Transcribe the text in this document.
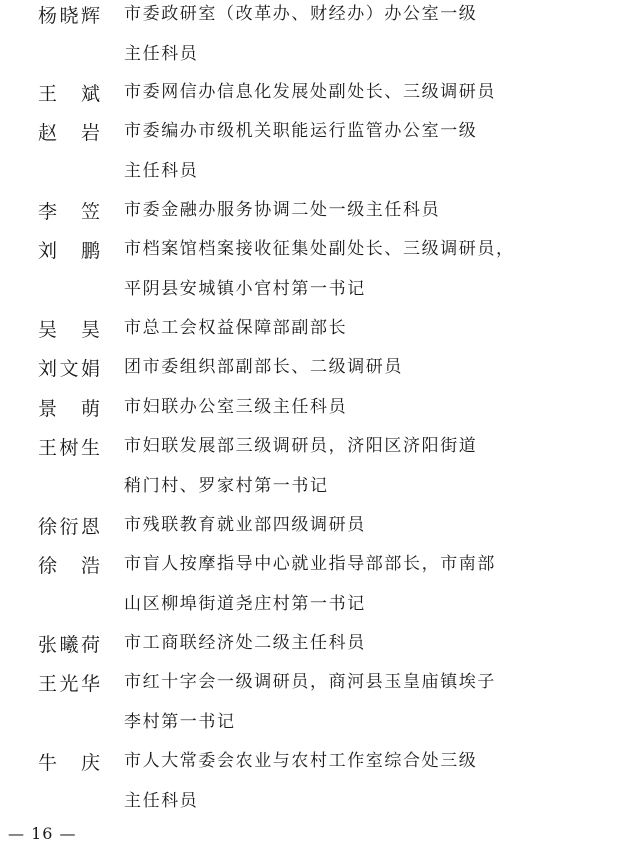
杨晓辉 市委政研室（改革办、财经办）办公室一级
主任科员
王　斌 市委网信办信息化发展处副处长、三级调研员
赵　岩 市委编办市级机关职能运行监管办公室一级
主任科员
李　笠 市委金融办服务协调二处一级主任科员
刘　鹏 市档案馆档案接收征集处副处长、三级调研员，
平阴县安城镇小官村第一书记
吴　昊 市总工会权益保障部副部长
刘文娟 团市委组织部副部长、二级调研员
景　萌 市妇联办公室三级主任科员
王树生 市妇联发展部三级调研员，济阳区济阳街道
稍门村、罗家村第一书记
徐衍恩 市残联教育就业部四级调研员
徐　浩 市盲人按摩指导中心就业指导部部长，市南部
山区柳埠街道尧庄村第一书记
张曦荷 市工商联经济处二级主任科员
王光华 市红十字会一级调研员，商河县玉皇庙镇埃子
李村第一书记
牛　庆 市人大常委会农业与农村工作室综合处三级
主任科员
— 16 —
